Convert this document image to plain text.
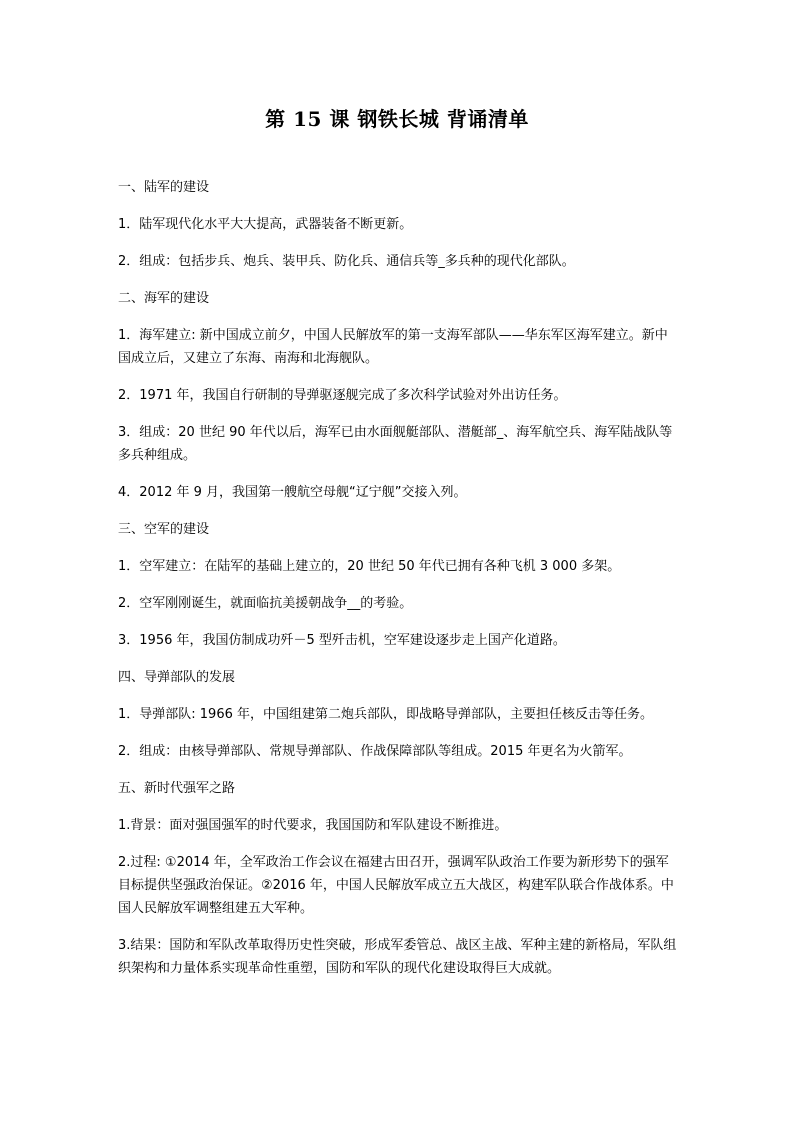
第 15 课 钢铁长城 背诵清单
一、陆军的建设
1．陆军现代化水平大大提高，武器装备不断更新。
2．组成：包括步兵、炮兵、装甲兵、防化兵、通信兵等_多兵种的现代化部队。
二、海军的建设
1．海军建立: 新中国成立前夕，中国人民解放军的第一支海军部队——华东军区海军建立。新中国成立后，又建立了东海、南海和北海舰队。
2．1971 年，我国自行研制的导弹驱逐舰完成了多次科学试验对外出访任务。
3．组成：20 世纪 90 年代以后，海军已由水面舰艇部队、潜艇部_、海军航空兵、海军陆战队等多兵种组成。
4．2012 年 9 月，我国第一艘航空母舰“辽宁舰”交接入列。
三、空军的建设
1．空军建立：在陆军的基础上建立的，20 世纪 50 年代已拥有各种飞机 3 000 多架。
2．空军刚刚诞生，就面临抗美援朝战争__的考验。
3．1956 年，我国仿制成功歼－5 型歼击机，空军建设逐步走上国产化道路。
四、导弹部队的发展
1．导弹部队: 1966 年，中国组建第二炮兵部队，即战略导弹部队，主要担任核反击等任务。
2．组成：由核导弹部队、常规导弹部队、作战保障部队等组成。2015 年更名为火箭军。
五、新时代强军之路
1.背景：面对强国强军的时代要求，我国国防和军队建设不断推进。
2.过程: ①2014 年，全军政治工作会议在福建古田召开，强调军队政治工作要为新形势下的强军目标提供坚强政治保证。②2016 年，中国人民解放军成立五大战区，构建军队联合作战体系。中国人民解放军调整组建五大军种。
3.结果：国防和军队改革取得历史性突破，形成军委管总、战区主战、军种主建的新格局，军队组织架构和力量体系实现革命性重塑，国防和军队的现代化建设取得巨大成就。
